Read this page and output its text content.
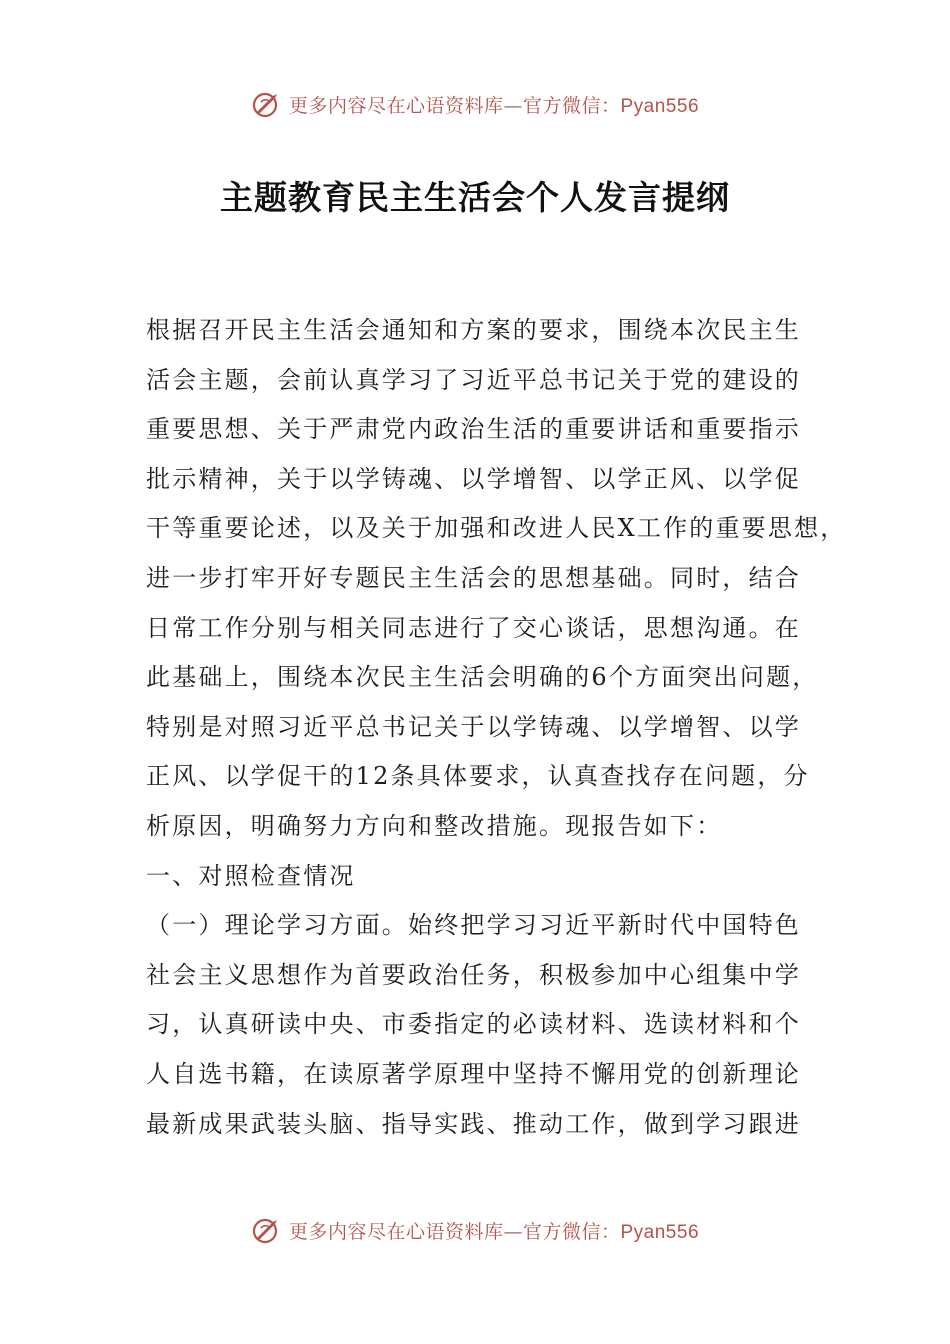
更多内容尽在心语资料库—官方微信：Pyan556
主题教育民主生活会个人发言提纲
根据召开民主生活会通知和方案的要求，围绕本次民主生
活会主题，会前认真学习了习近平总书记关于党的建设的
重要思想、关于严肃党内政治生活的重要讲话和重要指示
批示精神，关于以学铸魂、以学增智、以学正风、以学促
干等重要论述，以及关于加强和改进人民X工作的重要思想，
进一步打牢开好专题民主生活会的思想基础。同时，结合
日常工作分别与相关同志进行了交心谈话，思想沟通。在
此基础上，围绕本次民主生活会明确的6个方面突出问题，
特别是对照习近平总书记关于以学铸魂、以学增智、以学
正风、以学促干的12条具体要求，认真查找存在问题，分
析原因，明确努力方向和整改措施。现报告如下：
一、对照检查情况
（一）理论学习方面。始终把学习习近平新时代中国特色
社会主义思想作为首要政治任务，积极参加中心组集中学
习，认真研读中央、市委指定的必读材料、选读材料和个
人自选书籍，在读原著学原理中坚持不懈用党的创新理论
最新成果武装头脑、指导实践、推动工作，做到学习跟进
更多内容尽在心语资料库—官方微信：Pyan556
